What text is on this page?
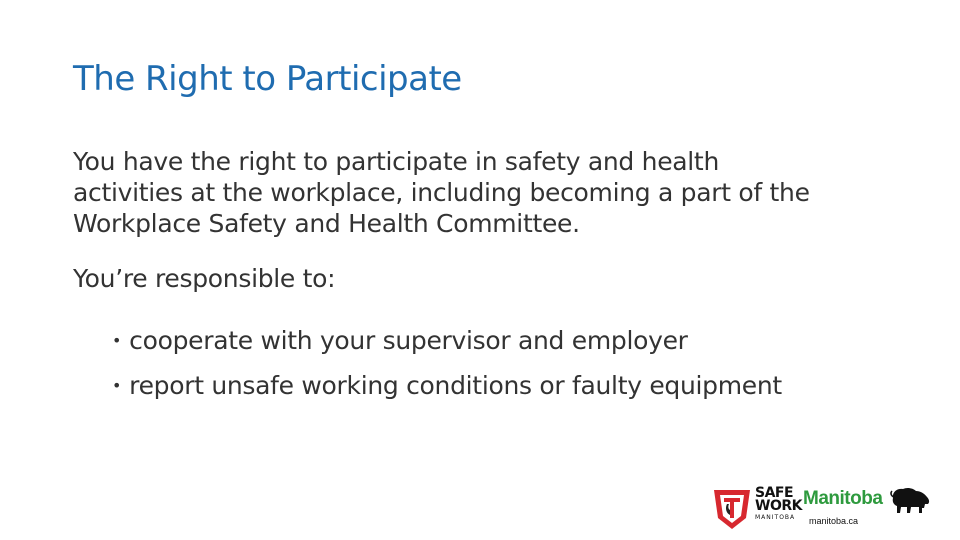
The Right to Participate
You have the right to participate in safety and health
activities at the workplace, including becoming a part of the
Workplace Safety and Health Committee.
You’re responsible to:
• cooperate with your supervisor and employer
• report unsafe working conditions or faulty equipment
SAFE
WORK
MANITOBA
Manitoba
manitoba.ca
